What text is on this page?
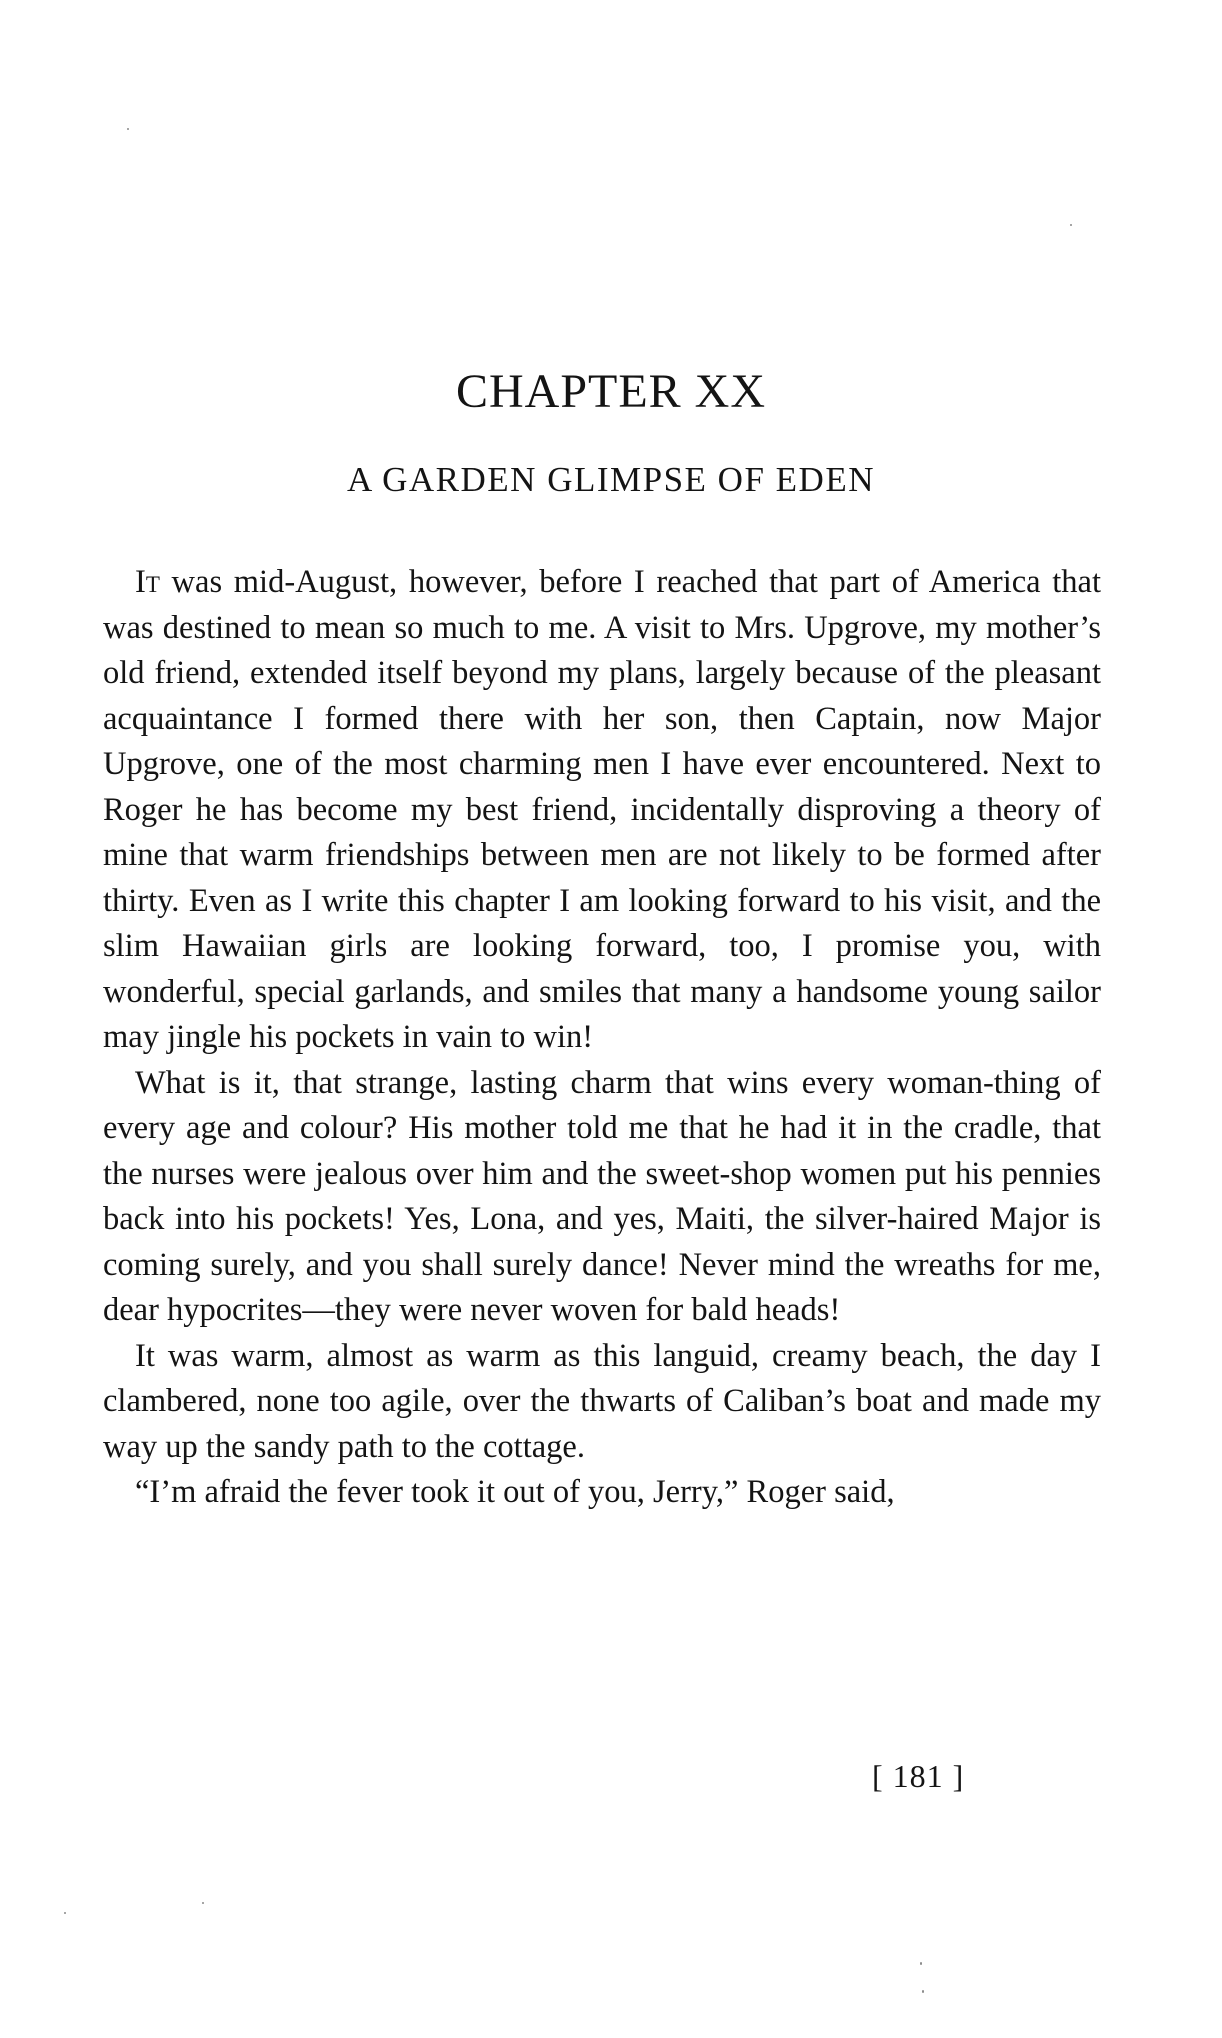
CHAPTER XX
A GARDEN GLIMPSE OF EDEN

It was mid-August, however, before I reached that part of America that was destined to mean so much to me. A visit to Mrs. Upgrove, my mother’s old friend, extended itself beyond my plans, largely because of the pleasant acquaintance I formed there with her son, then Captain, now Major Upgrove, one of the most charming men I have ever encountered. Next to Roger he has become my best friend, incidentally disproving a theory of mine that warm friendships between men are not likely to be formed after thirty. Even as I write this chapter I am looking forward to his visit, and the slim Hawaiian girls are looking forward, too, I promise you, with wonderful, special garlands, and smiles that many a handsome young sailor may jingle his pockets in vain to win!

What is it, that strange, lasting charm that wins every woman-thing of every age and colour? His mother told me that he had it in the cradle, that the nurses were jealous over him and the sweet-shop women put his pennies back into his pockets! Yes, Lona, and yes, Maiti, the silver-haired Major is coming surely, and you shall surely dance! Never mind the wreaths for me, dear hypocrites—they were never woven for bald heads!

It was warm, almost as warm as this languid, creamy beach, the day I clambered, none too agile, over the thwarts of Caliban’s boat and made my way up the sandy path to the cottage.

“I’m afraid the fever took it out of you, Jerry,” Roger said,

[ 181 ]
